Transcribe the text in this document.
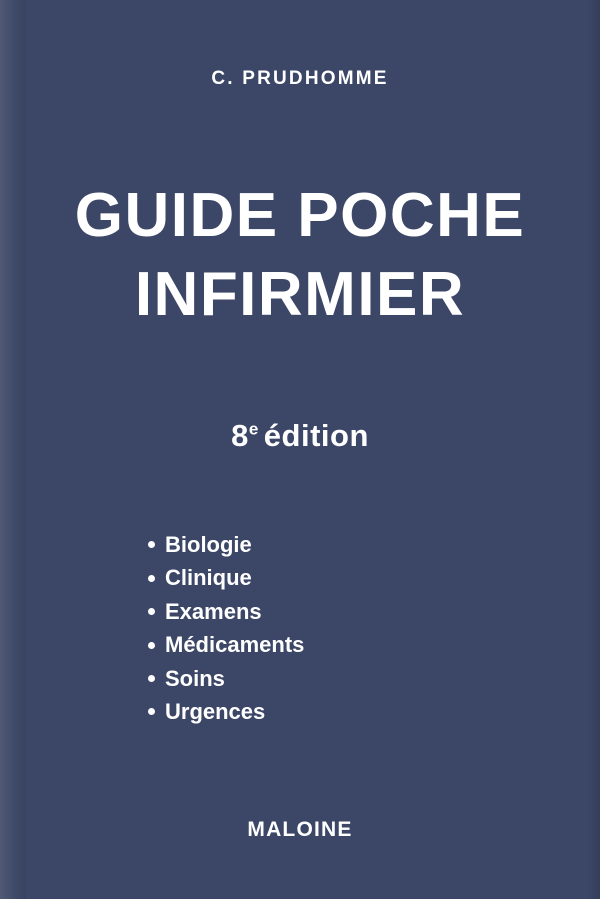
C. PRUDHOMME
GUIDE POCHE
INFIRMIER
8e édition
Biologie
Clinique
Examens
Médicaments
Soins
Urgences
MALOINE
